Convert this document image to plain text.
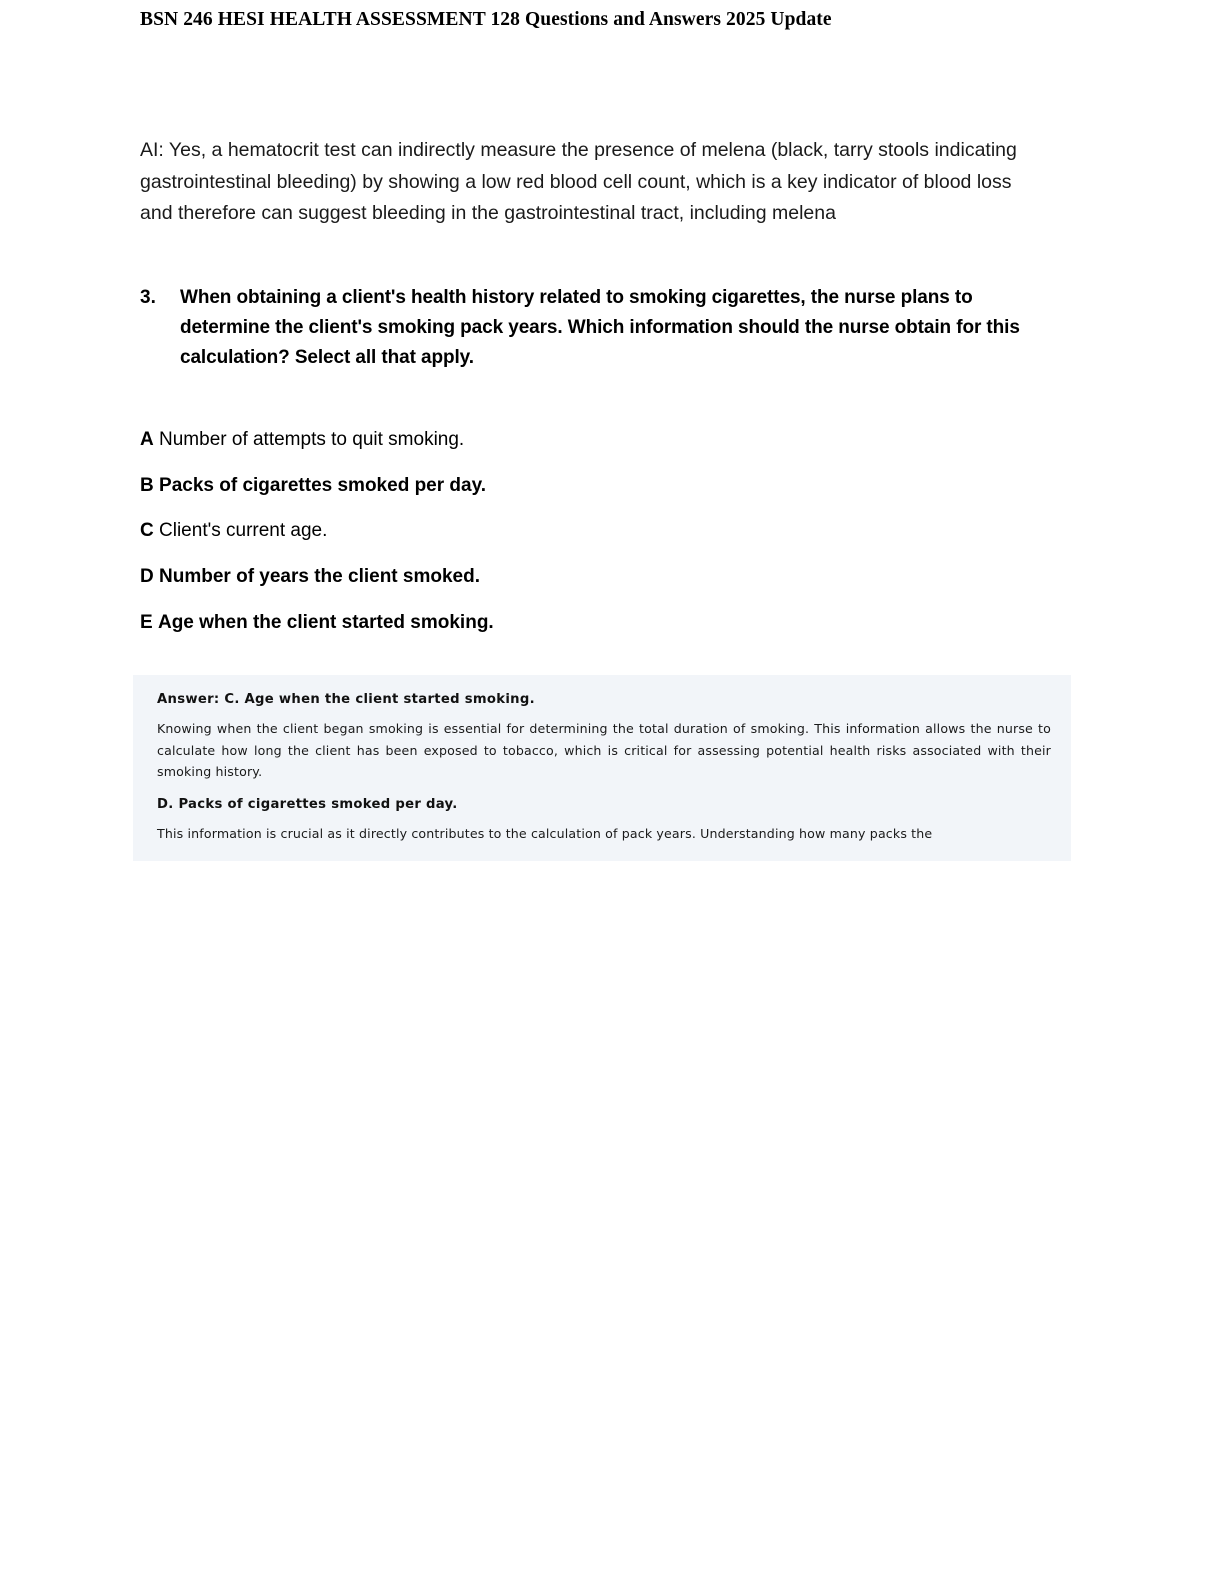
BSN 246 HESI HEALTH ASSESSMENT 128 Questions and Answers 2025 Update
AI: Yes, a hematocrit test can indirectly measure the presence of melena (black, tarry stools indicating gastrointestinal bleeding) by showing a low red blood cell count, which is a key indicator of blood loss and therefore can suggest bleeding in the gastrointestinal tract, including melena
3.	When obtaining a client's health history related to smoking cigarettes, the nurse plans to determine the client's smoking pack years. Which information should the nurse obtain for this calculation? Select all that apply.
A Number of attempts to quit smoking.
B Packs of cigarettes smoked per day.
C Client's current age.
D Number of years the client smoked.
E Age when the client started smoking.
Answer: C. Age when the client started smoking.
Knowing when the client began smoking is essential for determining the total duration of smoking. This information allows the nurse to calculate how long the client has been exposed to tobacco, which is critical for assessing potential health risks associated with their smoking history.
D. Packs of cigarettes smoked per day.
This information is crucial as it directly contributes to the calculation of pack years. Understanding how many packs the
